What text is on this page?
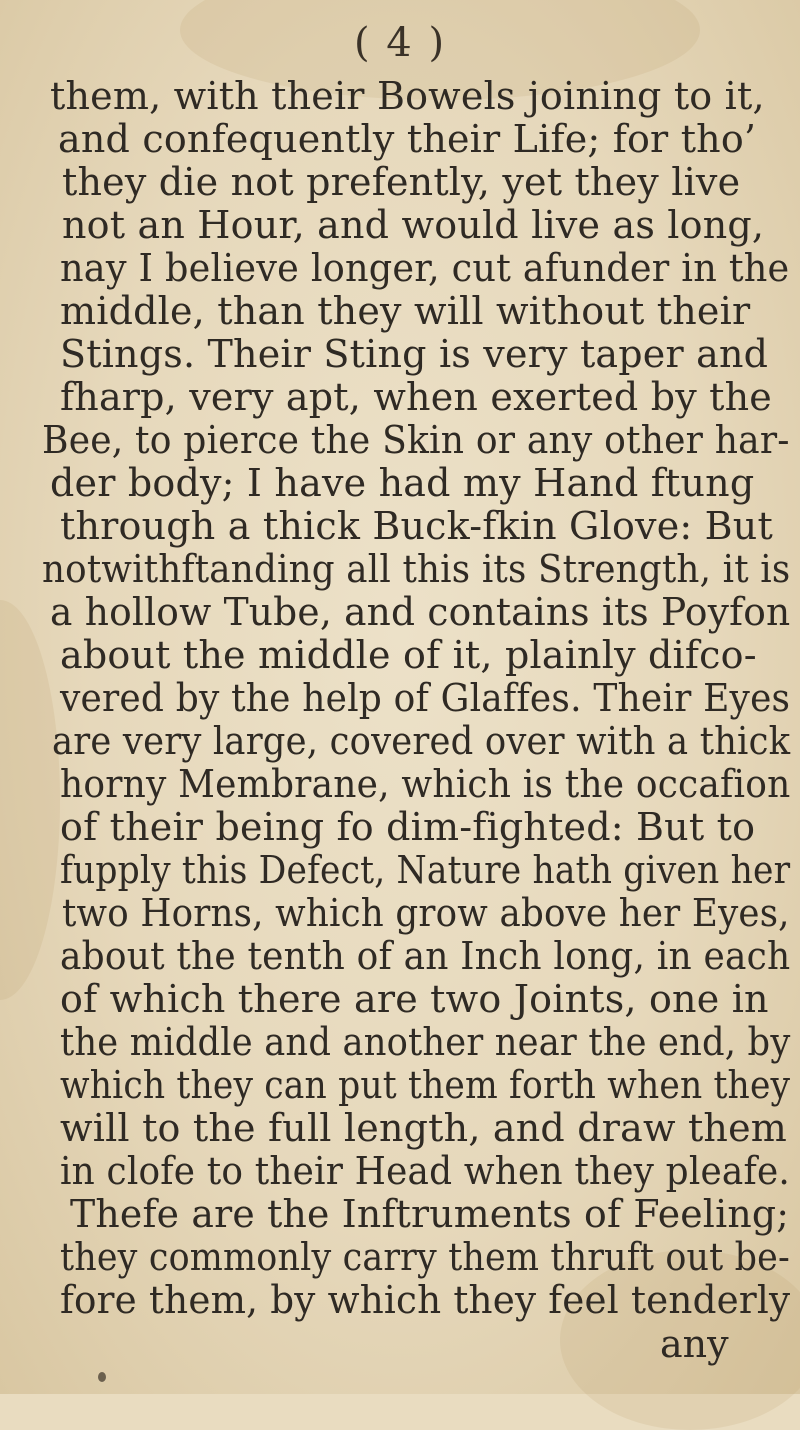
( 4 )
them, with their Bowels joining to it,
and confequently their Life; for tho’
they die not prefently, yet they live
not an Hour, and would live as long,
nay I believe longer, cut afunder in the
middle, than they will without their
Stings. Their Sting is very taper and
fharp, very apt, when exerted by the
Bee, to pierce the Skin or any other har-
der body; I have had my Hand ftung
through a thick Buck-fkin Glove: But
notwithftanding all this its Strength, it is
a hollow Tube, and contains its Poyfon
about the middle of it, plainly difco-
vered by the help of Glaffes. Their Eyes
are very large, covered over with a thick
horny Membrane, which is the occafion
of their being fo dim-fighted: But to
fupply this Defect, Nature hath given her
two Horns, which grow above her Eyes,
about the tenth of an Inch long, in each
of which there are two Joints, one in
the middle and another near the end, by
which they can put them forth when they
will to the full length, and draw them
in clofe to their Head when they pleafe.
Thefe are the Inftruments of Feeling;
they commonly carry them thruft out be-
fore them, by which they feel tenderly
any
